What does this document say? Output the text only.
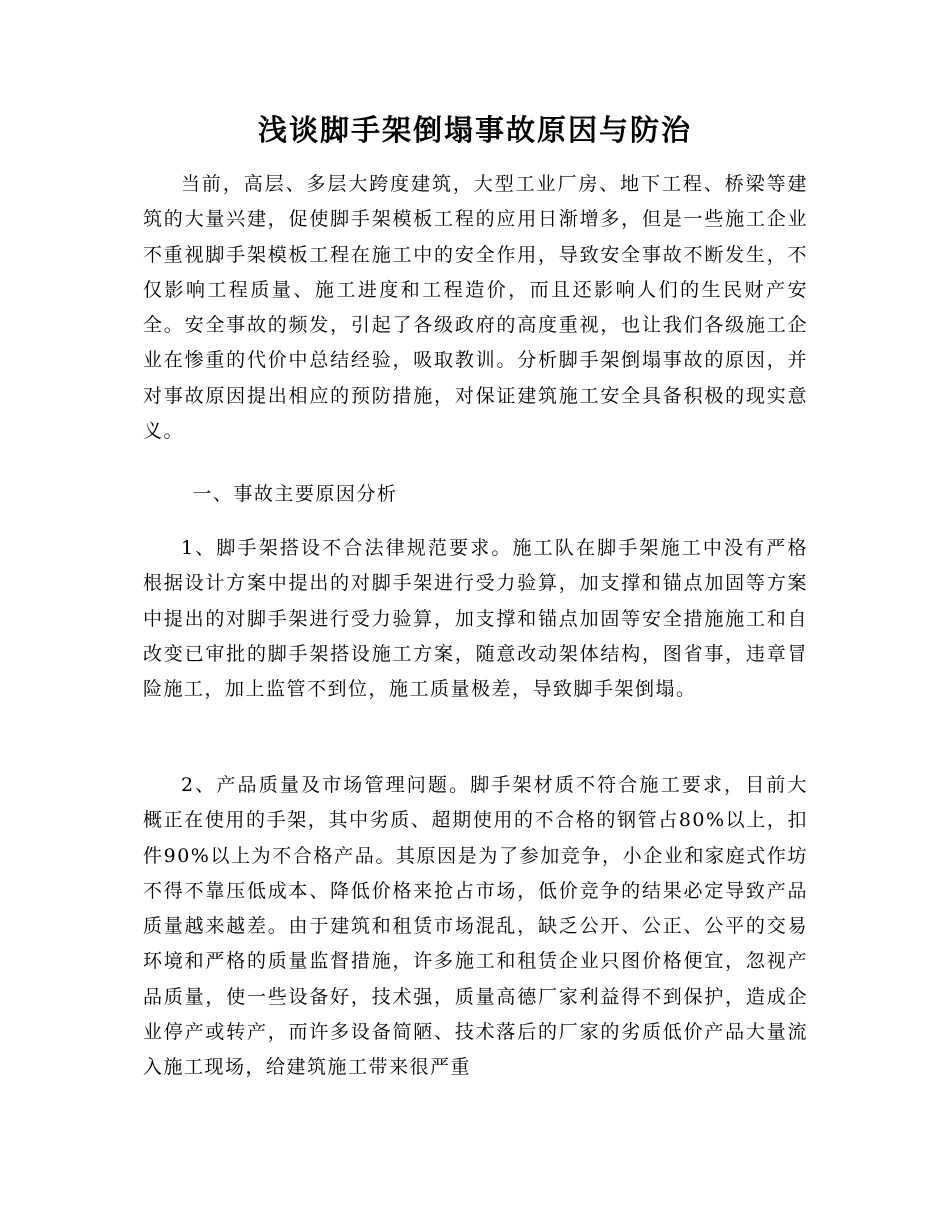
浅谈脚手架倒塌事故原因与防治

当前，高层、多层大跨度建筑，大型工业厂房、地下工程、桥梁等建筑的大量兴建，促使脚手架模板工程的应用日渐增多，但是一些施工企业不重视脚手架模板工程在施工中的安全作用，导致安全事故不断发生，不仅影响工程质量、施工进度和工程造价，而且还影响人们的生民财产安全。安全事故的频发，引起了各级政府的高度重视，也让我们各级施工企业在惨重的代价中总结经验，吸取教训。分析脚手架倒塌事故的原因，并对事故原因提出相应的预防措施，对保证建筑施工安全具备积极的现实意义。

一、事故主要原因分析

1、脚手架搭设不合法律规范要求。施工队在脚手架施工中没有严格根据设计方案中提出的对脚手架进行受力验算，加支撑和锚点加固等方案中提出的对脚手架进行受力验算，加支撑和锚点加固等安全措施施工和自改变已审批的脚手架搭设施工方案，随意改动架体结构，图省事，违章冒险施工，加上监管不到位，施工质量极差，导致脚手架倒塌。

2、产品质量及市场管理问题。脚手架材质不符合施工要求，目前大概正在使用的手架，其中劣质、超期使用的不合格的钢管占80%以上，扣件90%以上为不合格产品。其原因是为了参加竞争，小企业和家庭式作坊不得不靠压低成本、降低价格来抢占市场，低价竞争的结果必定导致产品质量越来越差。由于建筑和租赁市场混乱，缺乏公开、公正、公平的交易环境和严格的质量监督措施，许多施工和租赁企业只图价格便宜，忽视产品质量，使一些设备好，技术强，质量高德厂家利益得不到保护，造成企业停产或转产，而许多设备简陋、技术落后的厂家的劣质低价产品大量流入施工现场，给建筑施工带来很严重
